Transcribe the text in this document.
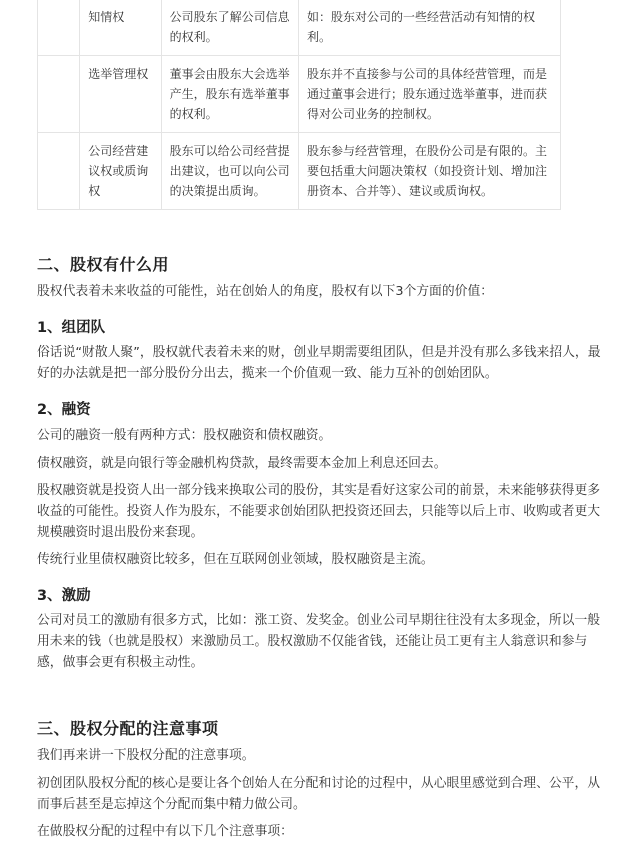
	知情权	公司股东了解公司信息的权利。	如：股东对公司的一些经营活动有知情的权利。
	选举管理权	董事会由股东大会选举产生，股东有选举董事的权利。	股东并不直接参与公司的具体经营管理，而是通过董事会进行；股东通过选举董事，进而获得对公司业务的控制权。
	公司经营建议权或质询权	股东可以给公司经营提出建议，也可以向公司的决策提出质询。	股东参与经营管理，在股份公司是有限的。主要包括重大问题决策权（如投资计划、增加注册资本、合并等）、建议或质询权。
二、股权有什么用

股权代表着未来收益的可能性，站在创始人的角度，股权有以下3个方面的价值：

1、组团队

俗话说“财散人聚”，股权就代表着未来的财，创业早期需要组团队，但是并没有那么多钱来招人，最好的办法就是把一部分股份分出去，揽来一个价值观一致、能力互补的创始团队。

2、融资

公司的融资一般有两种方式：股权融资和债权融资。

债权融资，就是向银行等金融机构贷款，最终需要本金加上利息还回去。

股权融资就是投资人出一部分钱来换取公司的股份，其实是看好这家公司的前景，未来能够获得更多收益的可能性。投资人作为股东，不能要求创始团队把投资还回去，只能等以后上市、收购或者更大规模融资时退出股份来套现。

传统行业里债权融资比较多，但在互联网创业领域，股权融资是主流。

3、激励

公司对员工的激励有很多方式，比如：涨工资、发奖金。创业公司早期往往没有太多现金，所以一般用未来的钱（也就是股权）来激励员工。股权激励不仅能省钱，还能让员工更有主人翁意识和参与感，做事会更有积极主动性。

三、股权分配的注意事项

我们再来讲一下股权分配的注意事项。

初创团队股权分配的核心是要让各个创始人在分配和讨论的过程中，从心眼里感觉到合理、公平，从而事后甚至是忘掉这个分配而集中精力做公司。

在做股权分配的过程中有以下几个注意事项：
